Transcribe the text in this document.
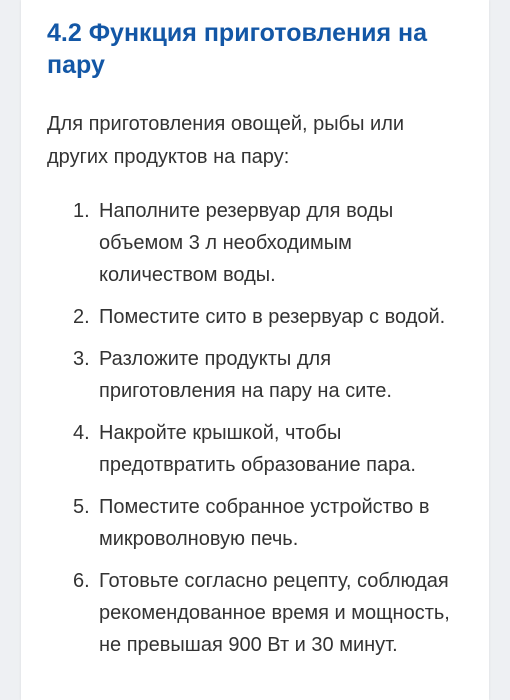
4.2 Функция приготовления на пару

Для приготовления овощей, рыбы или других продуктов на пару:

1. Наполните резервуар для воды объемом 3 л необходимым количеством воды.
2. Поместите сито в резервуар с водой.
3. Разложите продукты для приготовления на пару на сите.
4. Накройте крышкой, чтобы предотвратить образование пара.
5. Поместите собранное устройство в микроволновую печь.
6. Готовьте согласно рецепту, соблюдая рекомендованное время и мощность, не превышая 900 Вт и 30 минут.
